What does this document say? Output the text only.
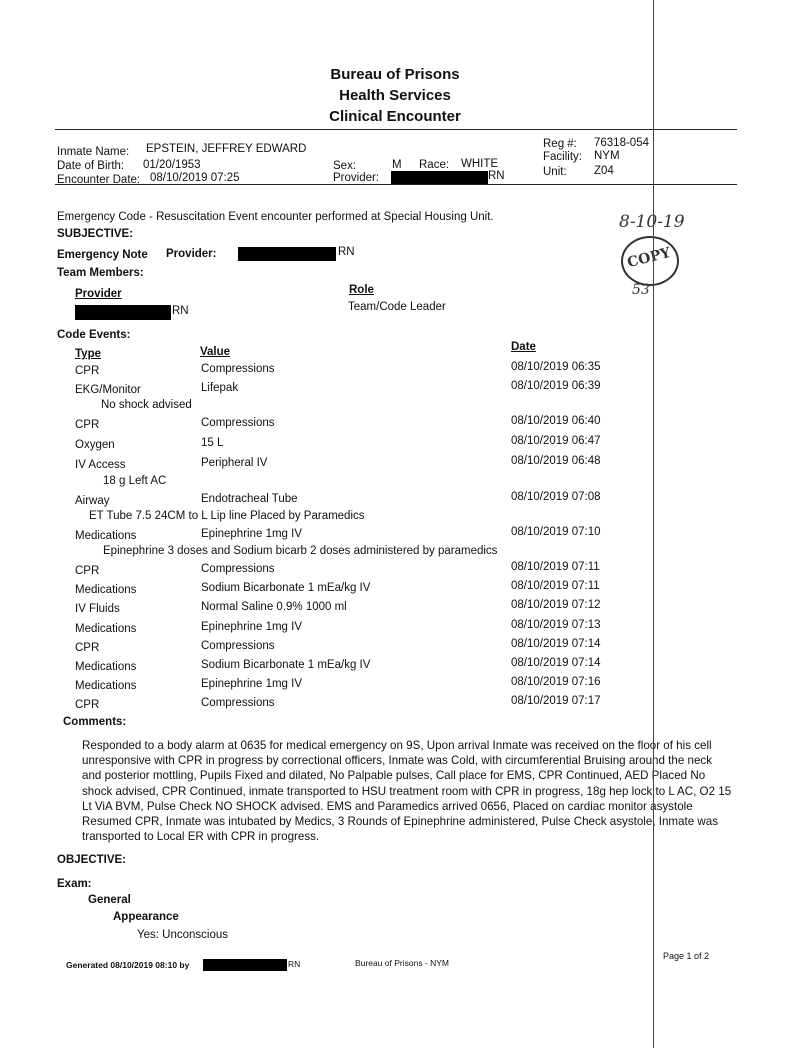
Bureau of Prisons
Health Services
Clinical Encounter
Inmate Name: EPSTEIN, JEFFREY EDWARD
Date of Birth: 01/20/1953
Encounter Date: 08/10/2019 07:25
Sex:	M Race: WHITE
Provider:	RN
Reg #: 76318-054
Facility: NYM
Unit: Z04
Emergency Code - Resuscitation Event encounter performed at Special Housing Unit.
SUBJECTIVE:
Emergency Note Provider:	RN
Team Members:
Provider	Role
RN	Team/Code Leader
8-10-19
COPY
53
Code Events:
Type	Value	Date
CPR	Compressions	08/10/2019 06:35
EKG/Monitor	Lifepak	08/10/2019 06:39
No shock advised
CPR	Compressions	08/10/2019 06:40
Oxygen	15 L	08/10/2019 06:47
IV Access	Peripheral IV	08/10/2019 06:48
18 g Left AC
Airway	Endotracheal Tube	08/10/2019 07:08
ET Tube 7.5 24CM to L Lip line Placed by Paramedics
Medications	Epinephrine 1mg IV	08/10/2019 07:10
Epinephrine 3 doses and Sodium bicarb 2 doses administered by paramedics
CPR	Compressions	08/10/2019 07:11
Medications	Sodium Bicarbonate 1 mEa/kg IV	08/10/2019 07:11
IV Fluids	Normal Saline 0.9% 1000 ml	08/10/2019 07:12
Medications	Epinephrine 1mg IV	08/10/2019 07:13
CPR	Compressions	08/10/2019 07:14
Medications	Sodium Bicarbonate 1 mEa/kg IV	08/10/2019 07:14
Medications	Epinephrine 1mg IV	08/10/2019 07:16
CPR	Compressions	08/10/2019 07:17
Comments:
Responded to a body alarm at 0635 for medical emergency on 9S, Upon arrival Inmate was received on the floor of his cell unresponsive with CPR in progress by correctional officers, Inmate was Cold, with circumferential Bruising around the neck and posterior mottling, Pupils Fixed and dilated, No Palpable pulses, Call place for EMS, CPR Continued, AED Placed No shock advised, CPR Continued, inmate transported to HSU treatment room with CPR in progress, 18g hep lock to L AC, O2 15 Lt ViA BVM, Pulse Check NO SHOCK advised. EMS and Paramedics arrived 0656, Placed on cardiac monitor asystole Resumed CPR, Inmate was intubated by Medics, 3 Rounds of Epinephrine administered, Pulse Check asystole, Inmate was transported to Local ER with CPR in progress.
OBJECTIVE:
Exam:
General
Appearance
Yes: Unconscious
Generated 08/10/2019 08:10 by	RN	Bureau of Prisons - NYM
Page 1 of 2
